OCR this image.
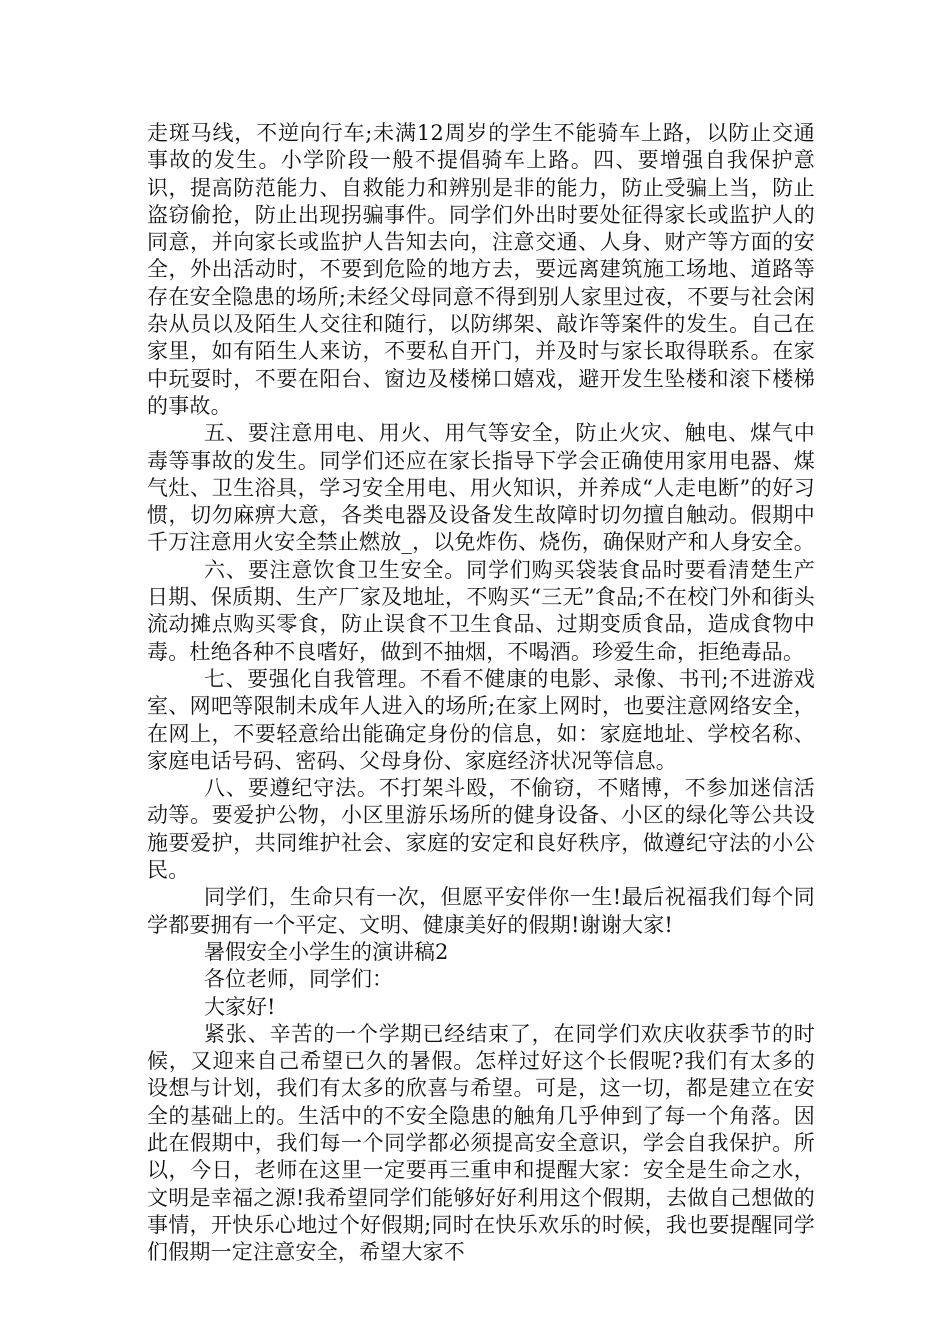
走斑马线，不逆向行车;未满12周岁的学生不能骑车上路，以防止交通事故的发生。小学阶段一般不提倡骑车上路。四、要增强自我保护意识，提高防范能力、自救能力和辨别是非的能力，防止受骗上当，防止盗窃偷抢，防止出现拐骗事件。同学们外出时要处征得家长或监护人的同意，并向家长或监护人告知去向，注意交通、人身、财产等方面的安全，外出活动时，不要到危险的地方去，要远离建筑施工场地、道路等存在安全隐患的场所;未经父母同意不得到别人家里过夜，不要与社会闲杂从员以及陌生人交往和随行，以防绑架、敲诈等案件的发生。自己在家里，如有陌生人来访，不要私自开门，并及时与家长取得联系。在家中玩耍时，不要在阳台、窗边及楼梯口嬉戏，避开发生坠楼和滚下楼梯的事故。

五、要注意用电、用火、用气等安全，防止火灾、触电、煤气中毒等事故的发生。同学们还应在家长指导下学会正确使用家用电器、煤气灶、卫生浴具，学习安全用电、用火知识，并养成“人走电断”的好习惯，切勿麻痹大意，各类电器及设备发生故障时切勿擅自触动。假期中千万注意用火安全禁止燃放_，以免炸伤、烧伤，确保财产和人身安全。

六、要注意饮食卫生安全。同学们购买袋装食品时要看清楚生产日期、保质期、生产厂家及地址，不购买“三无”食品;不在校门外和街头流动摊点购买零食，防止误食不卫生食品、过期变质食品，造成食物中毒。杜绝各种不良嗜好，做到不抽烟，不喝酒。珍爱生命，拒绝毒品。

七、要强化自我管理。不看不健康的电影、录像、书刊;不进游戏室、网吧等限制未成年人进入的场所;在家上网时，也要注意网络安全，在网上，不要轻意给出能确定身份的信息，如：家庭地址、学校名称、家庭电话号码、密码、父母身份、家庭经济状况等信息。

八、要遵纪守法。不打架斗殴，不偷窃，不赌博，不参加迷信活动等。要爱护公物，小区里游乐场所的健身设备、小区的绿化等公共设施要爱护，共同维护社会、家庭的安定和良好秩序，做遵纪守法的小公民。

同学们，生命只有一次，但愿平安伴你一生!最后祝福我们每个同学都要拥有一个平定、文明、健康美好的假期!谢谢大家!

暑假安全小学生的演讲稿2

各位老师，同学们：

大家好!

紧张、辛苦的一个学期已经结束了，在同学们欢庆收获季节的时候，又迎来自己希望已久的暑假。怎样过好这个长假呢?我们有太多的设想与计划，我们有太多的欣喜与希望。可是，这一切，都是建立在安全的基础上的。生活中的不安全隐患的触角几乎伸到了每一个角落。因此在假期中，我们每一个同学都必须提高安全意识，学会自我保护。所以，今日，老师在这里一定要再三重申和提醒大家：安全是生命之水，文明是幸福之源!我希望同学们能够好好利用这个假期，去做自己想做的事情，开快乐心地过个好假期;同时在快乐欢乐的时候，我也要提醒同学们假期一定注意安全，希望大家不
